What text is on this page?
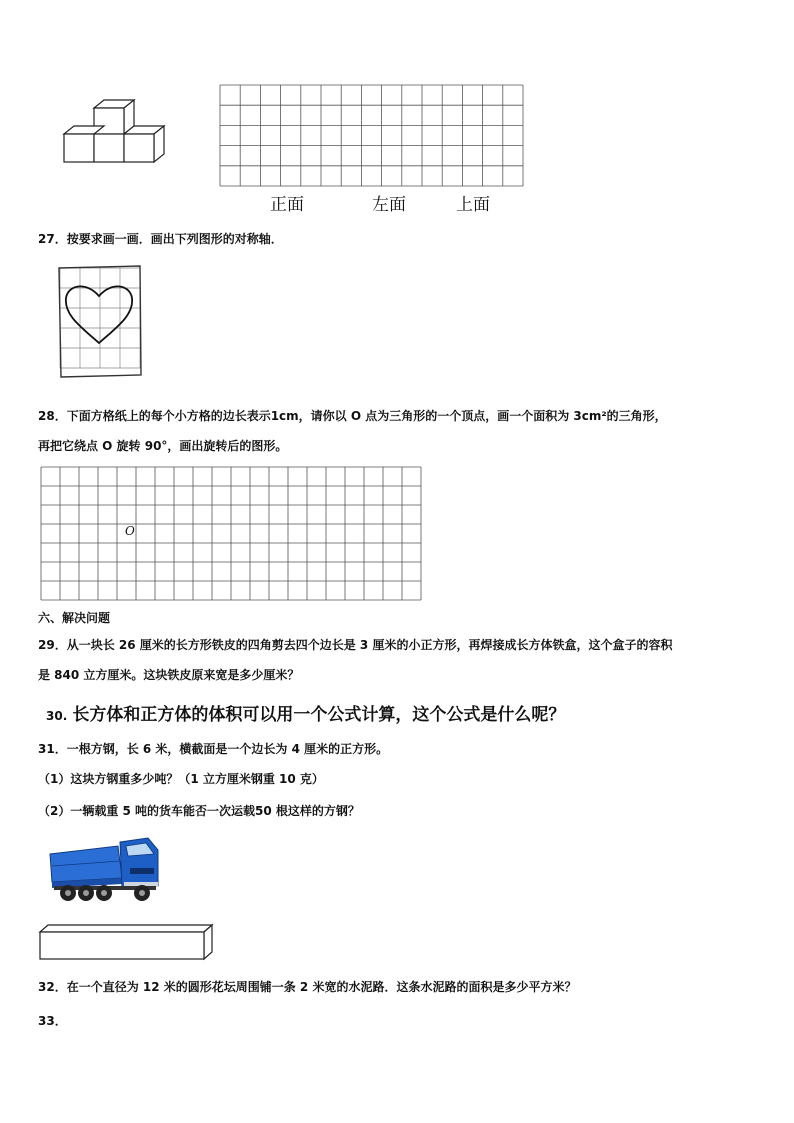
正面	左面	上面
27．按要求画一画．画出下列图形的对称轴．
28．下面方格纸上的每个小方格的边长表示1cm，请你以 O 点为三角形的一个顶点，画一个面积为 3cm²的三角形，
再把它绕点 O 旋转 90°，画出旋转后的图形。
O
六、解决问题
29．从一块长 26 厘米的长方形铁皮的四角剪去四个边长是 3 厘米的小正方形，再焊接成长方体铁盒，这个盒子的容积
是 840 立方厘米。这块铁皮原来宽是多少厘米？
30. 长方体和正方体的体积可以用一个公式计算，这个公式是什么呢？
31．一根方钢，长 6 米，横截面是一个边长为 4 厘米的正方形。
（1）这块方钢重多少吨？（1 立方厘米钢重 10 克）
（2）一辆载重 5 吨的货车能否一次运载50 根这样的方钢？
32．在一个直径为 12 米的圆形花坛周围铺一条 2 米宽的水泥路．这条水泥路的面积是多少平方米？
33．
